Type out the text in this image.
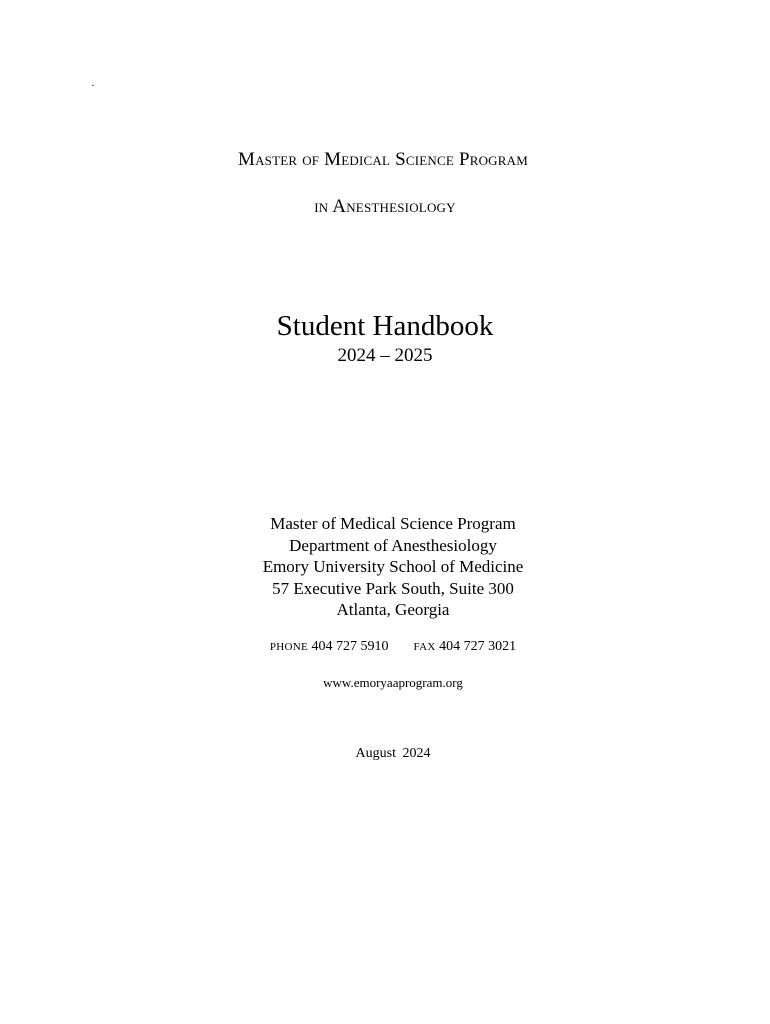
·
Master of Medical Science Program
in Anesthesiology
Student Handbook
2024 – 2025
Master of Medical Science Program
Department of Anesthesiology
Emory University School of Medicine
57 Executive Park South, Suite 300
Atlanta, Georgia
PHONE 404 727 5910 FAX 404 727 3021
www.emoryaaprogram.org
August 2024
